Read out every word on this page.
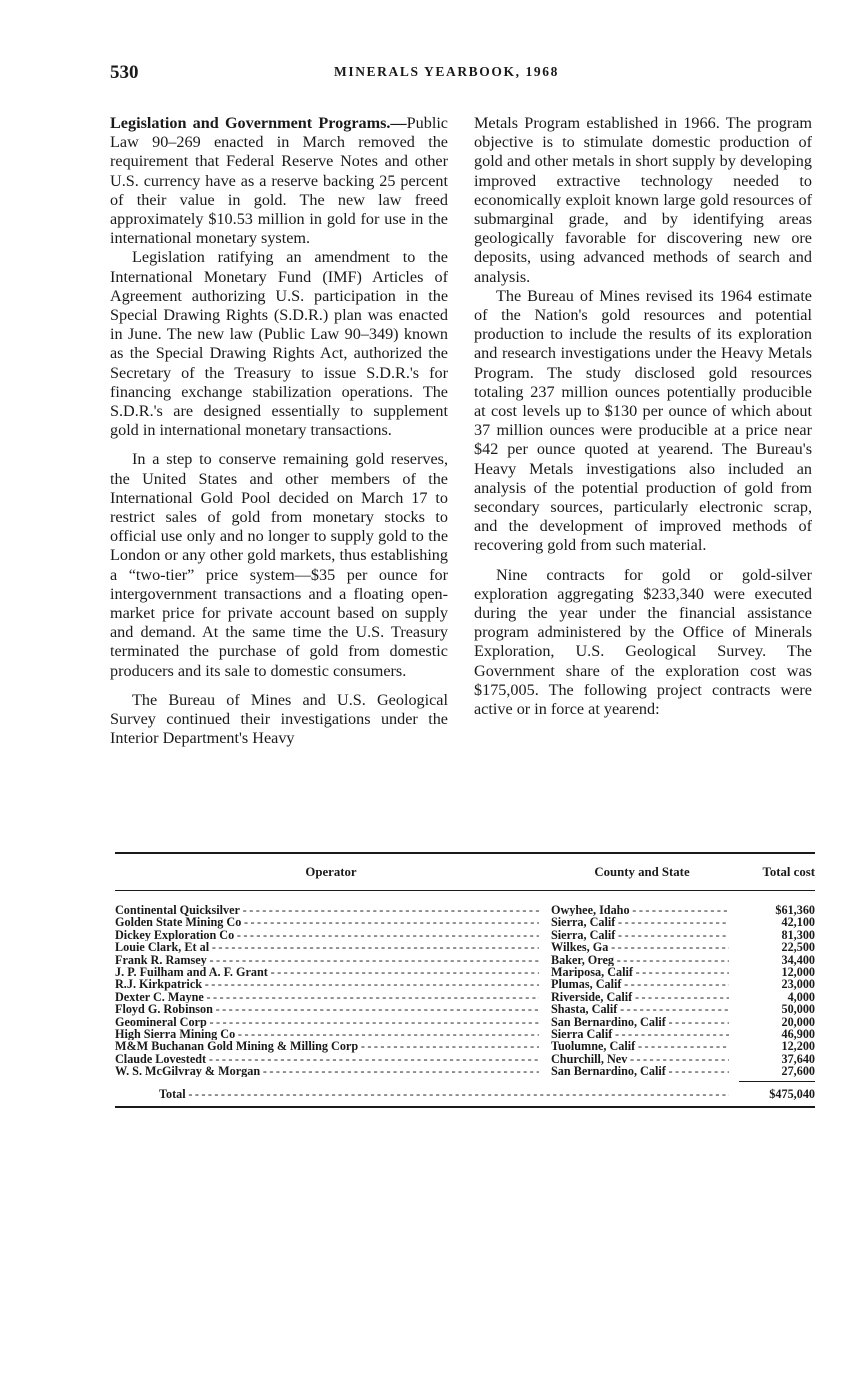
530	MINERALS YEARBOOK, 1968

Legislation and Government Programs.—Public Law 90–269 enacted in March removed the requirement that Federal Reserve Notes and other U.S. currency have as a reserve backing 25 percent of their value in gold. The new law freed approximately $10.53 million in gold for use in the international monetary system.

Legislation ratifying an amendment to the International Monetary Fund (IMF) Articles of Agreement authorizing U.S. participation in the Special Drawing Rights (S.D.R.) plan was enacted in June. The new law (Public Law 90–349) known as the Special Drawing Rights Act, authorized the Secretary of the Treasury to issue S.D.R.'s for financing exchange stabilization operations. The S.D.R.'s are designed essentially to supplement gold in international monetary transactions.

In a step to conserve remaining gold reserves, the United States and other members of the International Gold Pool decided on March 17 to restrict sales of gold from monetary stocks to official use only and no longer to supply gold to the London or any other gold markets, thus establishing a “two-tier” price system—$35 per ounce for intergovernment transactions and a floating open-market price for private account based on supply and demand. At the same time the U.S. Treasury terminated the purchase of gold from domestic producers and its sale to domestic consumers.

The Bureau of Mines and U.S. Geological Survey continued their investigations under the Interior Department's Heavy

Metals Program established in 1966. The program objective is to stimulate domestic production of gold and other metals in short supply by developing improved extractive technology needed to economically exploit known large gold resources of submarginal grade, and by identifying areas geologically favorable for discovering new ore deposits, using advanced methods of search and analysis.

The Bureau of Mines revised its 1964 estimate of the Nation's gold resources and potential production to include the results of its exploration and research investigations under the Heavy Metals Program. The study disclosed gold resources totaling 237 million ounces potentially producible at cost levels up to $130 per ounce of which about 37 million ounces were producible at a price near $42 per ounce quoted at yearend. The Bureau's Heavy Metals investigations also included an analysis of the potential production of gold from secondary sources, particularly electronic scrap, and the development of improved methods of recovering gold from such material.

Nine contracts for gold or gold-silver exploration aggregating $233,340 were executed during the year under the financial assistance program administered by the Office of Minerals Exploration, U.S. Geological Survey. The Government share of the exploration cost was $175,005. The following project contracts were active or in force at yearend:

Operator	County and State	Total cost
Continental Quicksilver - - -	Owyhee, Idaho - - -	$61,360
Golden State Mining Co - - -	Sierra, Calif - - -	42,100
Dickey Exploration Co - - -	Sierra, Calif - - -	81,300
Louie Clark, Et al - - -	Wilkes, Ga - - -	22,500
Frank R. Ramsey - - -	Baker, Oreg - - -	34,400
J. P. Fuilham and A. F. Grant - - -	Mariposa, Calif - - -	12,000
R.J. Kirkpatrick - - -	Plumas, Calif - - -	23,000
Dexter C. Mayne - - -	Riverside, Calif - - -	4,000
Floyd G. Robinson - - -	Shasta, Calif - - -	50,000
Geomineral Corp - - -	San Bernardino, Calif - - -	20,000
High Sierra Mining Co - - -	Sierra Calif - - -	46,900
M&M Buchanan Gold Mining & Milling Corp - - -	Tuolumne, Calif - - -	12,200
Claude Lovestedt - - -	Churchill, Nev - - -	37,640
W. S. McGilvray & Morgan - - -	San Bernardino, Calif - - -	27,600
Total - - -	$475,040
